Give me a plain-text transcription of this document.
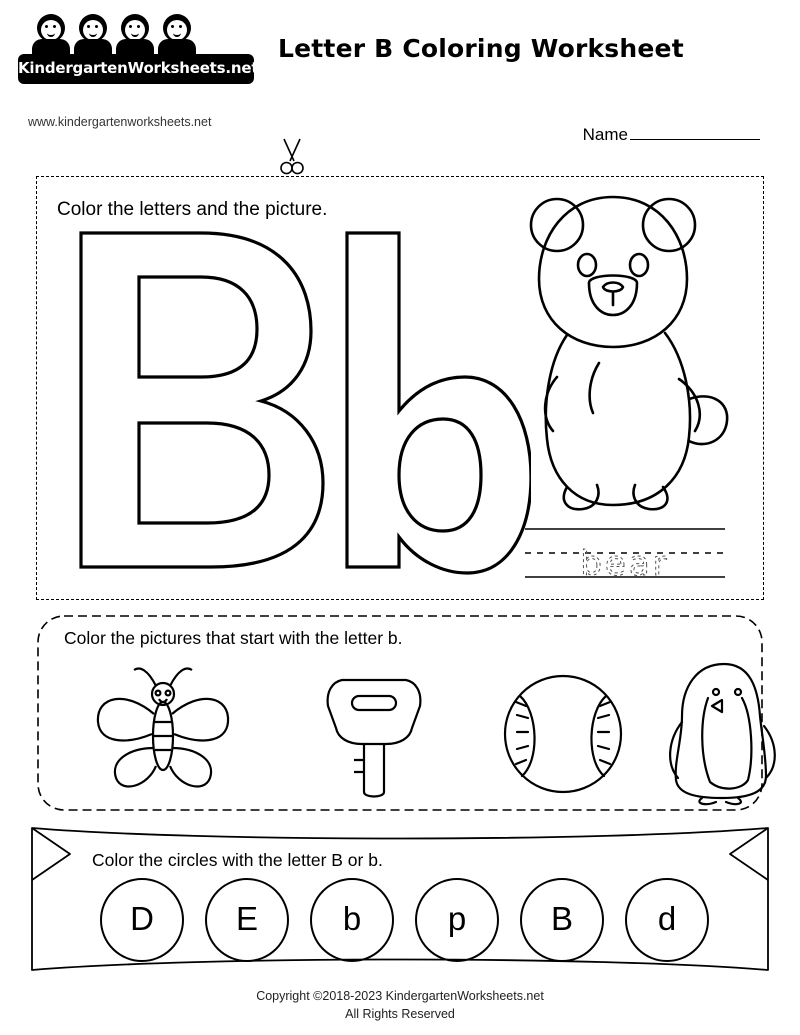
KindergartenWorksheets.net
www.kindergartenworksheets.net
Letter B Coloring Worksheet
Name
Color the letters and the picture.
bear
Color the pictures that start with the letter b.
Color the circles with the letter B or b.
D	E	b	p	B	d
Copyright ©2018-2023 KindergartenWorksheets.net
All Rights Reserved
